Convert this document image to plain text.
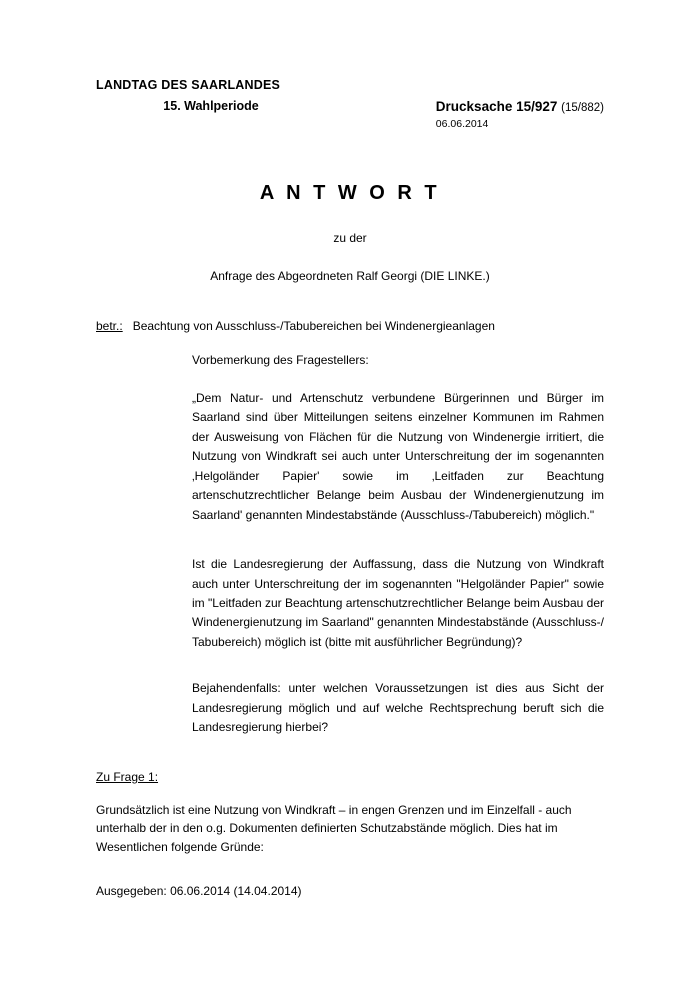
LANDTAG DES SAARLANDES
15. Wahlperiode	Drucksache 15/927 (15/882)
06.06.2014
A N T W O R T
zu der
Anfrage des Abgeordneten Ralf Georgi (DIE LINKE.)
betr.: Beachtung von Ausschluss-/Tabubereichen bei Windenergieanlagen
Vorbemerkung des Fragestellers:
„Dem Natur- und Artenschutz verbundene Bürgerinnen und Bürger im Saarland sind über Mitteilungen seitens einzelner Kommunen im Rahmen der Ausweisung von Flächen für die Nutzung von Windenergie irritiert, die Nutzung von Windkraft sei auch unter Unterschreitung der im sogenannten ‚Helgoländer Papier' sowie im ‚Leitfaden zur Beachtung artenschutzrechtlicher Belange beim Ausbau der Windenergienutzung im Saarland' genannten Mindestabstände (Ausschluss-/Tabubereich) möglich."
Ist die Landesregierung der Auffassung, dass die Nutzung von Windkraft auch unter Unterschreitung der im sogenannten "Helgoländer Papier" sowie im "Leitfaden zur Beachtung artenschutzrechtlicher Belange beim Ausbau der Windenergienutzung im Saarland" genannten Mindestabstände (Ausschluss-/ Tabubereich) möglich ist (bitte mit ausführlicher Begründung)?
Bejahendenfalls: unter welchen Voraussetzungen ist dies aus Sicht der Landesregierung möglich und auf welche Rechtsprechung beruft sich die Landesregierung hierbei?
Zu Frage 1:
Grundsätzlich ist eine Nutzung von Windkraft – in engen Grenzen und im Einzelfall - auch unterhalb der in den o.g. Dokumenten definierten Schutzabstände möglich. Dies hat im Wesentlichen folgende Gründe:
Ausgegeben: 06.06.2014 (14.04.2014)
